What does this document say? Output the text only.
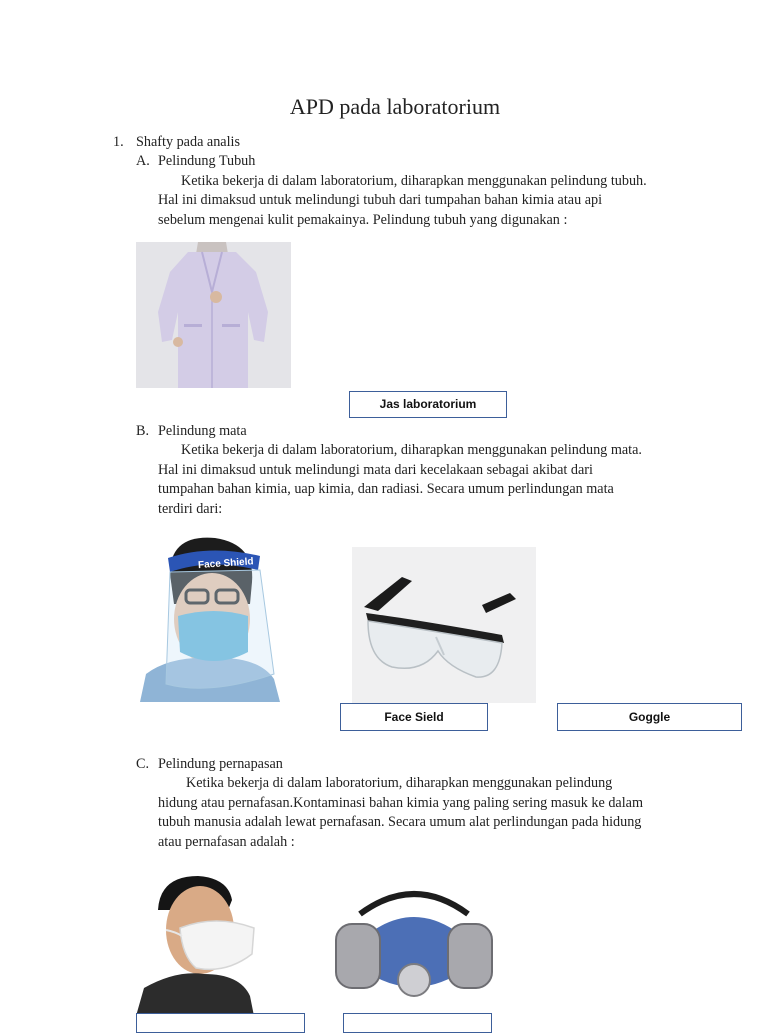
APD pada laboratorium
1. Shafty pada analis
A. Pelindung Tubuh
Ketika bekerja di dalam laboratorium, diharapkan menggunakan pelindung tubuh.
Hal ini dimaksud untuk melindungi tubuh dari tumpahan bahan kimia atau api
sebelum mengenai kulit pemakainya. Pelindung tubuh yang digunakan :
Jas laboratorium
B. Pelindung mata
Ketika bekerja di dalam laboratorium, diharapkan menggunakan pelindung mata.
Hal ini dimaksud untuk melindungi mata dari kecelakaan sebagai akibat dari
tumpahan bahan kimia, uap kimia, dan radiasi. Secara umum perlindungan mata
terdiri dari:
Face Shield
Face Sield	Goggle
C. Pelindung pernapasan
Ketika bekerja di dalam laboratorium, diharapkan menggunakan pelindung
hidung atau pernafasan.Kontaminasi bahan kimia yang paling sering masuk ke dalam
tubuh manusia adalah lewat pernafasan. Secara umum alat perlindungan pada hidung
atau pernafasan adalah :
